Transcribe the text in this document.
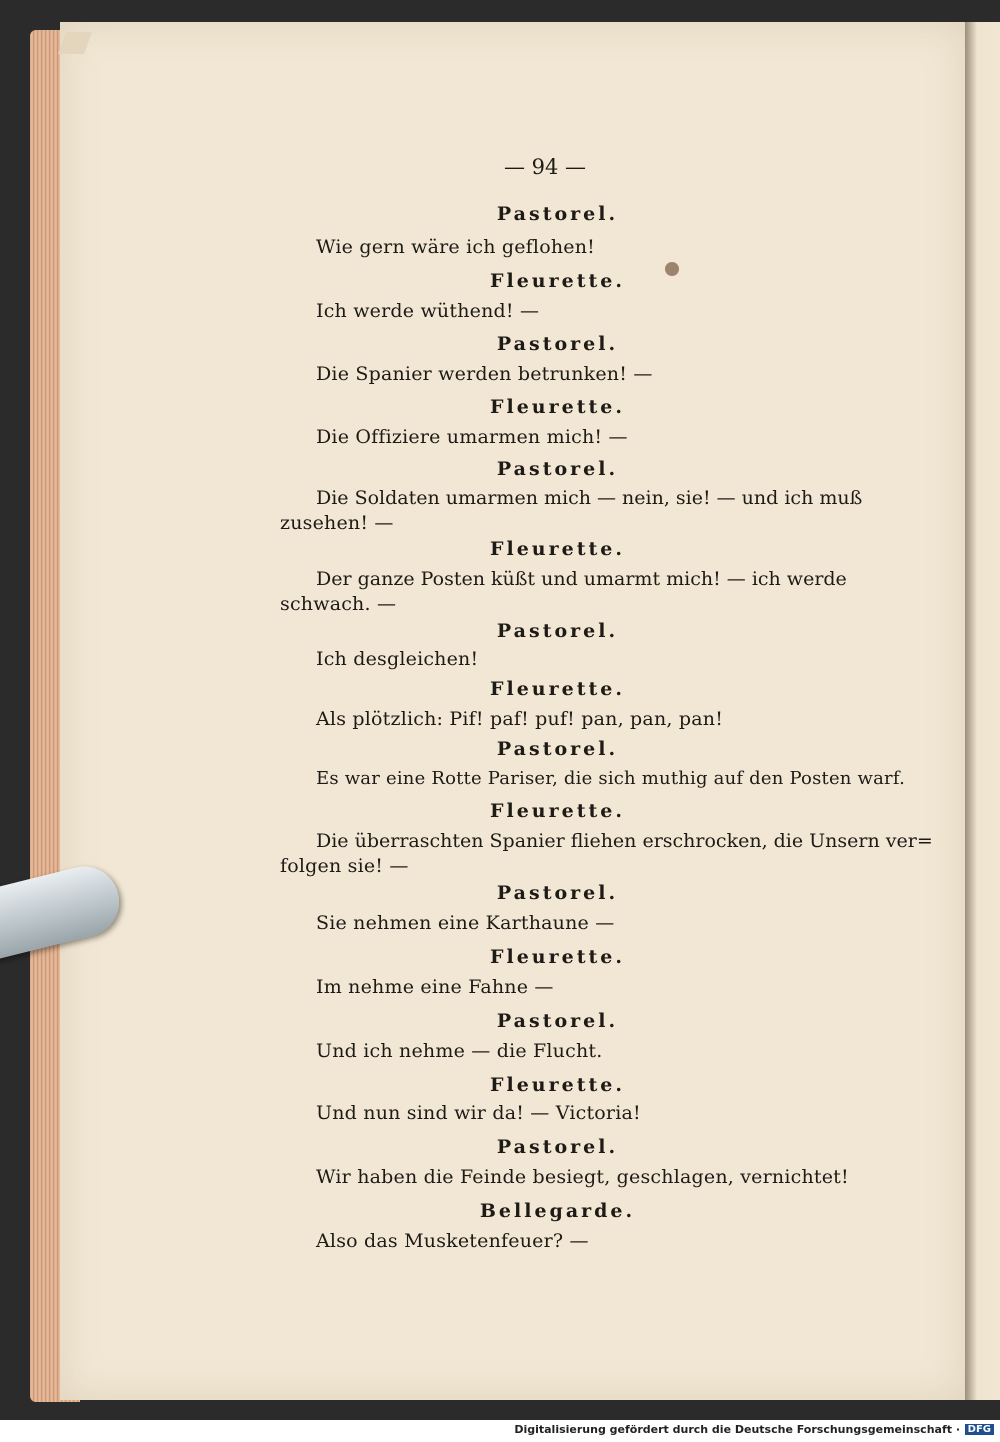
— 94 —
Pastorel.
Wie gern wäre ich geflohen!
Fleurette.
Ich werde wüthend! —
Pastorel.
Die Spanier werden betrunken! —
Fleurette.
Die Offiziere umarmen mich! —
Pastorel.
Die Soldaten umarmen mich — nein, sie! — und ich muß
zusehen! —
Fleurette.
Der ganze Posten küßt und umarmt mich! — ich werde
schwach. —
Pastorel.
Ich desgleichen!
Fleurette.
Als plötzlich: Pif! paf! puf! pan, pan, pan!
Pastorel.
Es war eine Rotte Pariser, die sich muthig auf den Posten warf.
Fleurette.
Die überraschten Spanier fliehen erschrocken, die Unsern ver=
folgen sie! —
Pastorel.
Sie nehmen eine Karthaune —
Fleurette.
Im nehme eine Fahne —
Pastorel.
Und ich nehme — die Flucht.
Fleurette.
Und nun sind wir da! — Victoria!
Pastorel.
Wir haben die Feinde besiegt, geschlagen, vernichtet!
Bellegarde.
Also das Musketenfeuer? —
Digitalisierung gefördert durch die Deutsche Forschungsgemeinschaft · DFG
